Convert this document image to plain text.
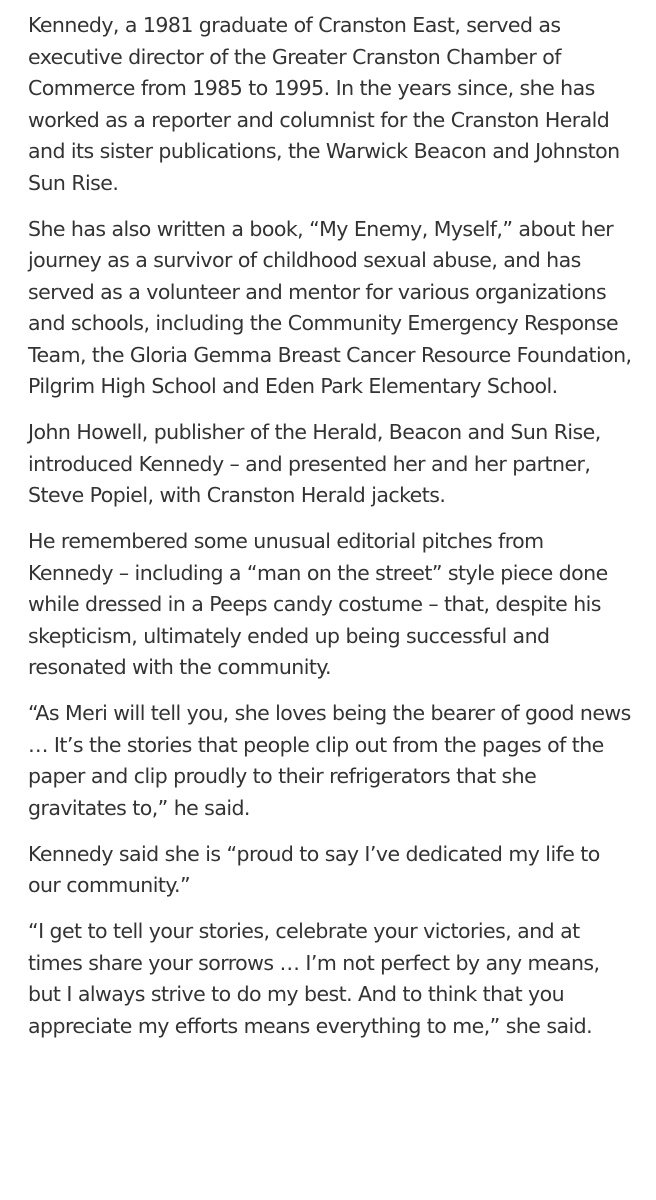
Kennedy, a 1981 graduate of Cranston East, served as executive director of the Greater Cranston Chamber of Commerce from 1985 to 1995. In the years since, she has worked as a reporter and columnist for the Cranston Herald and its sister publications, the Warwick Beacon and Johnston Sun Rise.

She has also written a book, “My Enemy, Myself,” about her journey as a survivor of childhood sexual abuse, and has served as a volunteer and mentor for various organizations and schools, including the Community Emergency Response Team, the Gloria Gemma Breast Cancer Resource Foundation, Pilgrim High School and Eden Park Elementary School.

John Howell, publisher of the Herald, Beacon and Sun Rise, introduced Kennedy – and presented her and her partner, Steve Popiel, with Cranston Herald jackets.

He remembered some unusual editorial pitches from Kennedy – including a “man on the street” style piece done while dressed in a Peeps candy costume – that, despite his skepticism, ultimately ended up being successful and resonated with the community.

“As Meri will tell you, she loves being the bearer of good news … It’s the stories that people clip out from the pages of the paper and clip proudly to their refrigerators that she gravitates to,” he said.

Kennedy said she is “proud to say I’ve dedicated my life to our community.”

“I get to tell your stories, celebrate your victories, and at times share your sorrows … I’m not perfect by any means, but I always strive to do my best. And to think that you appreciate my efforts means everything to me,” she said.
